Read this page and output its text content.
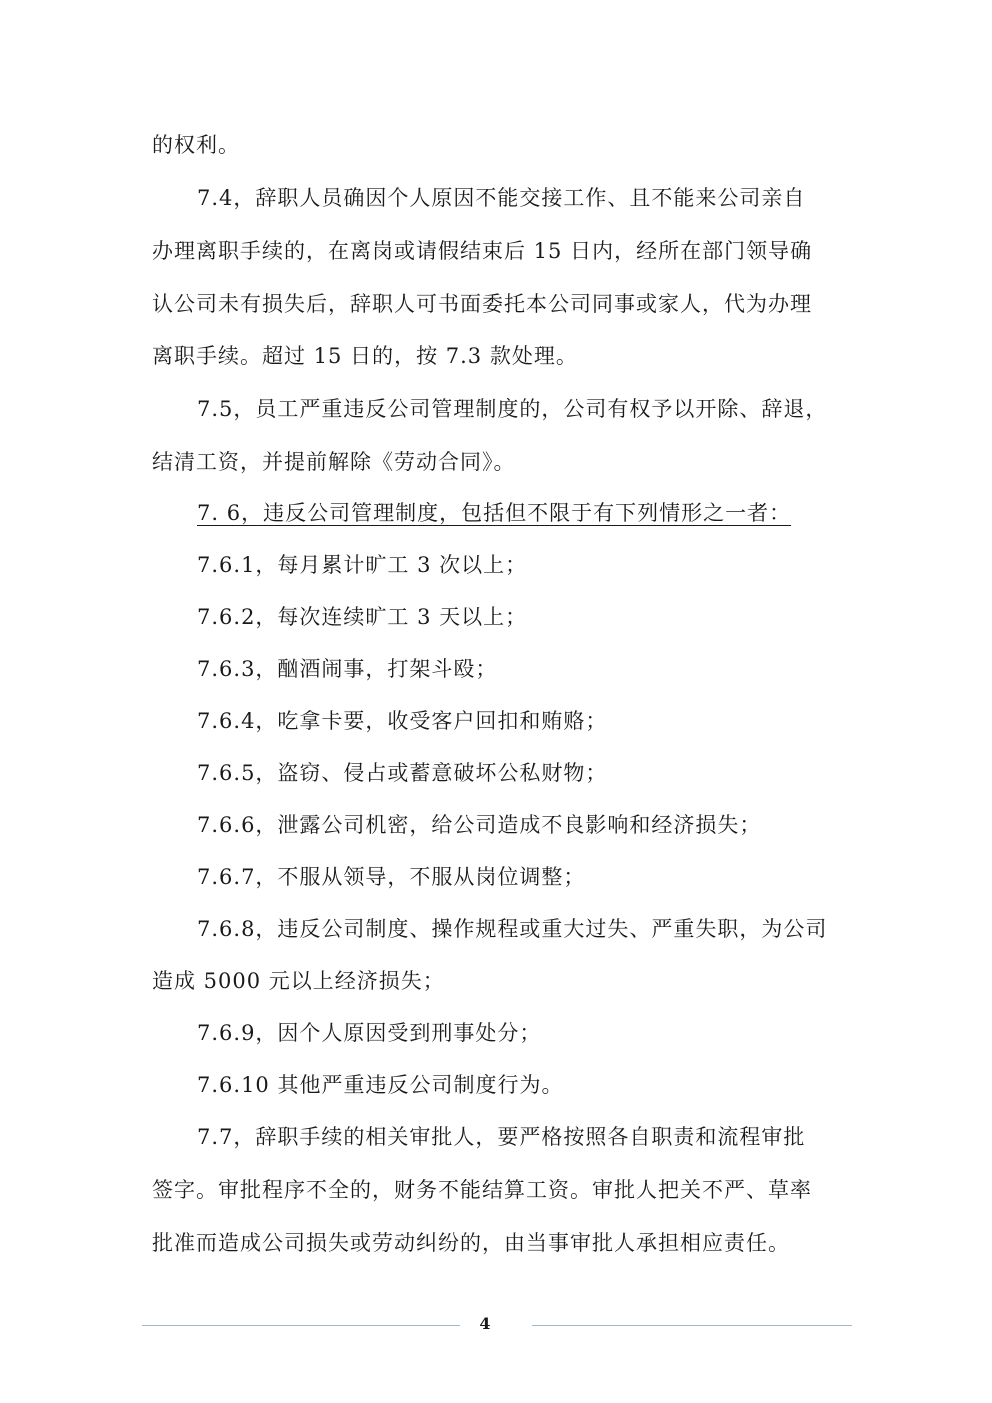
的权利。
7.4，辞职人员确因个人原因不能交接工作、且不能来公司亲自
办理离职手续的，在离岗或请假结束后 15 日内，经所在部门领导确
认公司未有损失后，辞职人可书面委托本公司同事或家人，代为办理
离职手续。超过 15 日的，按 7.3 款处理。
7.5，员工严重违反公司管理制度的，公司有权予以开除、辞退，
结清工资，并提前解除《劳动合同》。
7. 6，违反公司管理制度，包括但不限于有下列情形之一者：
7.6.1，每月累计旷工 3 次以上；
7.6.2，每次连续旷工 3 天以上；
7.6.3，酗酒闹事，打架斗殴；
7.6.4，吃拿卡要，收受客户回扣和贿赂；
7.6.5，盗窃、侵占或蓄意破坏公私财物；
7.6.6，泄露公司机密，给公司造成不良影响和经济损失；
7.6.7，不服从领导，不服从岗位调整；
7.6.8，违反公司制度、操作规程或重大过失、严重失职，为公司
造成 5000 元以上经济损失；
7.6.9，因个人原因受到刑事处分；
7.6.10 其他严重违反公司制度行为。
7.7，辞职手续的相关审批人，要严格按照各自职责和流程审批
签字。审批程序不全的，财务不能结算工资。审批人把关不严、草率
批准而造成公司损失或劳动纠纷的，由当事审批人承担相应责任。
4
